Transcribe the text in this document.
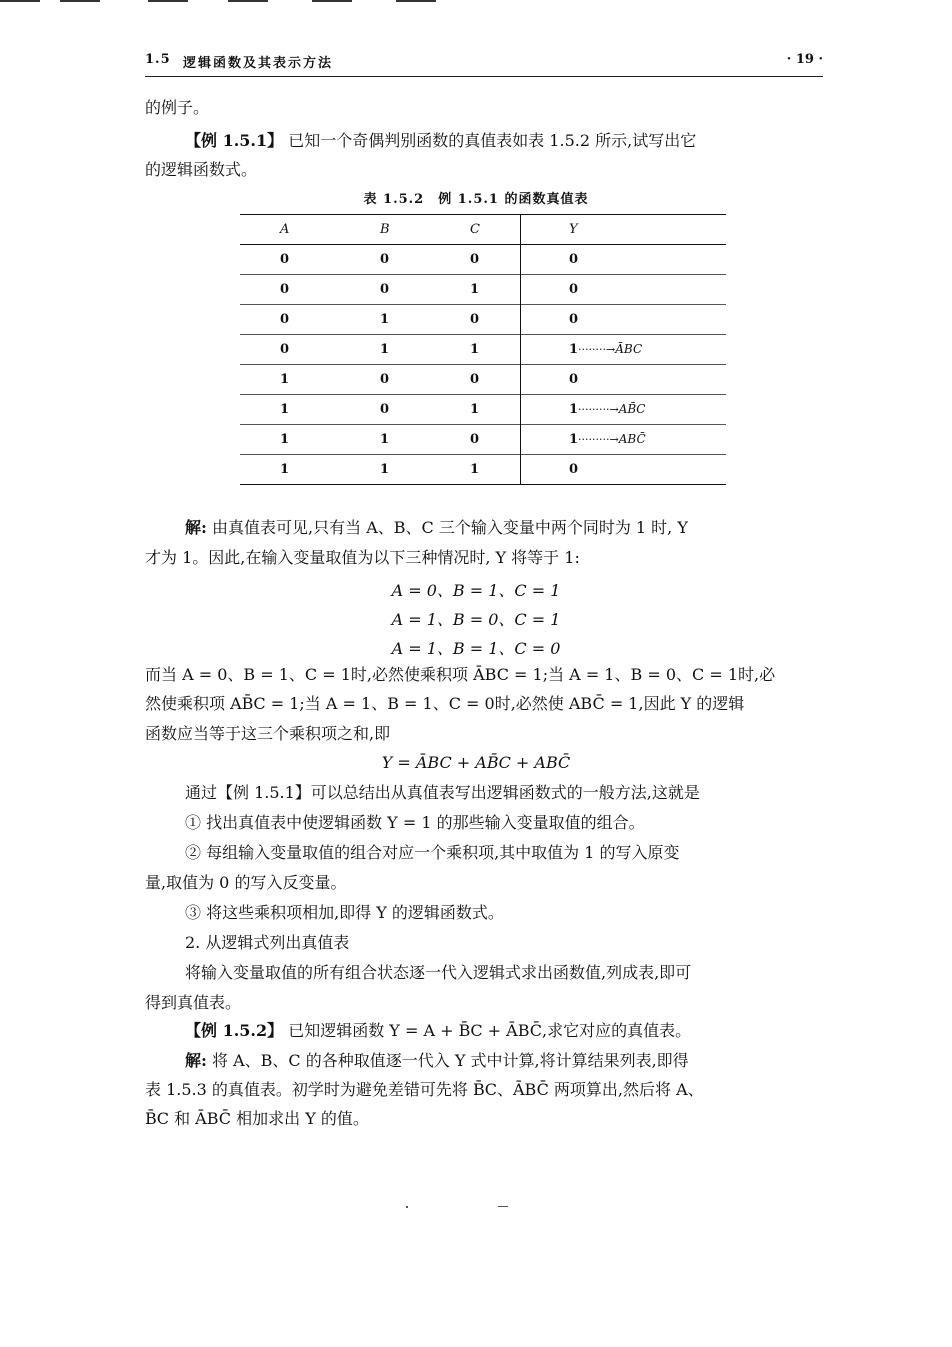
1.5 逻辑函数及其表示方法	· 19 ·
的例子。
【例 1.5.1】 已知一个奇偶判别函数的真值表如表 1.5.2 所示,试写出它
的逻辑函数式。
表 1.5.2　例 1.5.1 的函数真值表
A	B	C	Y
0	0	0	0
0	0	1	0
0	1	0	0
0	1	1	1········→ĀBC
1	0	0	0
1	0	1	1·········→AB̄C
1	1	0	1·········→ABC̄
1	1	1	0
解: 由真值表可见,只有当 A、B、C 三个输入变量中两个同时为 1 时, Y
才为 1。因此,在输入变量取值为以下三种情况时, Y 将等于 1:
A = 0、B = 1、C = 1
A = 1、B = 0、C = 1
A = 1、B = 1、C = 0
而当 A = 0、B = 1、C = 1时,必然使乘积项 ĀBC = 1;当 A = 1、B = 0、C = 1时,必
然使乘积项 AB̄C = 1;当 A = 1、B = 1、C = 0时,必然使 ABC̄ = 1,因此 Y 的逻辑
函数应当等于这三个乘积项之和,即
Y = ĀBC + AB̄C + ABC̄
通过【例 1.5.1】可以总结出从真值表写出逻辑函数式的一般方法,这就是
① 找出真值表中使逻辑函数 Y = 1 的那些输入变量取值的组合。
② 每组输入变量取值的组合对应一个乘积项,其中取值为 1 的写入原变
量,取值为 0 的写入反变量。
③ 将这些乘积项相加,即得 Y 的逻辑函数式。
2. 从逻辑式列出真值表
将输入变量取值的所有组合状态逐一代入逻辑式求出函数值,列成表,即可
得到真值表。
【例 1.5.2】 已知逻辑函数 Y = A + B̄C + ĀBC̄,求它对应的真值表。
解: 将 A、B、C 的各种取值逐一代入 Y 式中计算,将计算结果列表,即得
表 1.5.3 的真值表。初学时为避免差错可先将 B̄C、ĀBC̄ 两项算出,然后将 A、
B̄C 和 ĀBC̄ 相加求出 Y 的值。
